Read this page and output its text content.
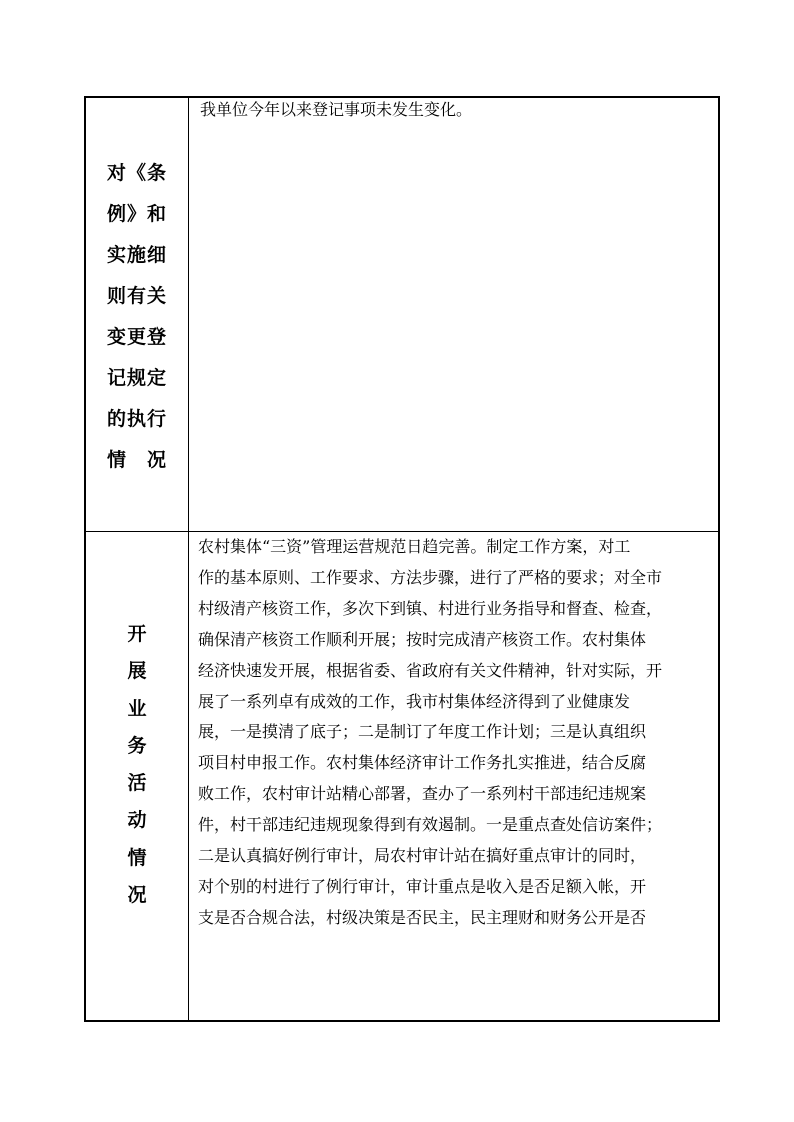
对《条
例》和
实施细
则有关
变更登
记规定
的执行
情　况
我单位今年以来登记事项未发生变化。
开
展
业
务
活
动
情
况
农村集体“三资”管理运营规范日趋完善。制定工作方案，对工
作的基本原则、工作要求、方法步骤，进行了严格的要求；对全市
村级清产核资工作，多次下到镇、村进行业务指导和督查、检查，
确保清产核资工作顺利开展；按时完成清产核资工作。农村集体
经济快速发开展，根据省委、省政府有关文件精神，针对实际，开
展了一系列卓有成效的工作，我市村集体经济得到了业健康发
展，一是摸清了底子；二是制订了年度工作计划；三是认真组织
项目村申报工作。农村集体经济审计工作务扎实推进，结合反腐
败工作，农村审计站精心部署，查办了一系列村干部违纪违规案
件，村干部违纪违规现象得到有效遏制。一是重点查处信访案件；
二是认真搞好例行审计，局农村审计站在搞好重点审计的同时，
对个别的村进行了例行审计，审计重点是收入是否足额入帐，开
支是否合规合法，村级决策是否民主，民主理财和财务公开是否
